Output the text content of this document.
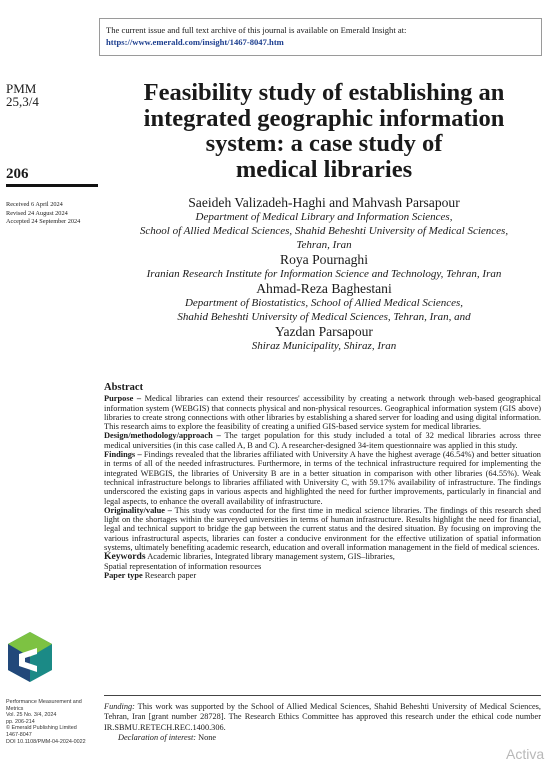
The current issue and full text archive of this journal is available on Emerald Insight at:
https://www.emerald.com/insight/1467-8047.htm
PMM
25,3/4
206
Received 6 April 2024
Revised 24 August 2024
Accepted 24 September 2024
Feasibility study of establishing an
integrated geographic information
system: a case study of
medical libraries
Saeideh Valizadeh-Haghi and Mahvash Parsapour
Department of Medical Library and Information Sciences,
School of Allied Medical Sciences, Shahid Beheshti University of Medical Sciences,
Tehran, Iran
Roya Pournaghi
Iranian Research Institute for Information Science and Technology, Tehran, Iran
Ahmad-Reza Baghestani
Department of Biostatistics, School of Allied Medical Sciences,
Shahid Beheshti University of Medical Sciences, Tehran, Iran, and
Yazdan Parsapour
Shiraz Municipality, Shiraz, Iran
Abstract

Purpose – Medical libraries can extend their resources' accessibility by creating a network through web-based geographical information system (WEBGIS) that connects physical and non-physical resources. Geographical information system (GIS above) libraries to create strong connections with other libraries by establishing a shared server for loading and using digital information. This research aims to explore the feasibility of creating a unified GIS-based service system for medical libraries.

Design/methodology/approach – The target population for this study included a total of 32 medical libraries across three medical universities (in this case called A, B and C). A researcher-designed 34-item questionnaire was applied in this study.

Findings – Findings revealed that the libraries affiliated with University A have the highest average (46.54%) and better situation in terms of all of the needed infrastructures. Furthermore, in terms of the technical infrastructure required for implementing the integrated WEBGIS, the libraries of University B are in a better situation in comparison with other libraries (64.55%). Weak technical infrastructure belongs to libraries affiliated with University C, with 59.17% availability of infrastructure. The findings underscored the existing gaps in various aspects and highlighted the need for further improvements, particularly in financial and legal aspects, to enhance the overall availability of infrastructure.

Originality/value – This study was conducted for the first time in medical science libraries. The findings of this research shed light on the shortages within the surveyed universities in terms of human infrastructure. Results highlight the need for financial, legal and technical support to bridge the gap between the current status and the desired situation. By focusing on improving the various infrastructural aspects, libraries can foster a conducive environment for the effective utilization of spatial information systems, ultimately benefiting academic research, education and overall information management in the field of medical sciences.

Keywords Academic libraries, Integrated library management system, GIS–libraries,

Spatial representation of information resources

Paper type Research paper

Performance Measurement and
Metrics
Vol. 25 No. 3/4, 2024
pp. 206-214
© Emerald Publishing Limited
1467-8047
DOI 10.1108/PMM-04-2024-0022
Funding: This work was supported by the School of Allied Medical Sciences, Shahid Beheshti University of Medical Sciences, Tehran, Iran [grant number 28728]. The Research Ethics Committee has approved this research under the ethical code number IR.SBMU.RETECH.REC.1400.306.
Declaration of interest: None
Activa
